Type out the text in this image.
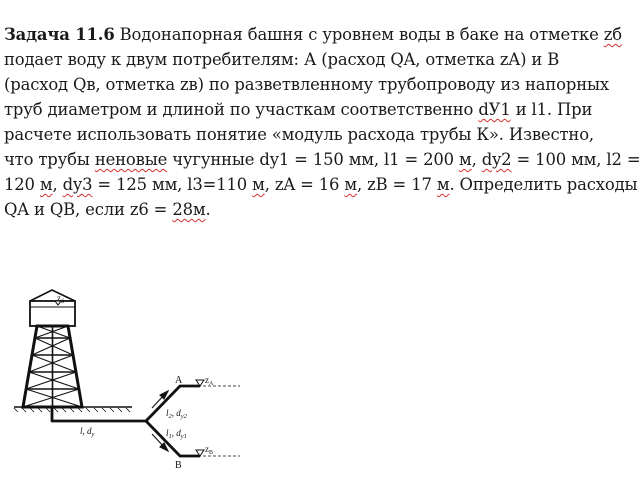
Задача 11.6 Водонапорная башня с уровнем воды в баке на отметке zб
подает воду к двум потребителям: А (расход QA, отметка zA) и В
(расход Qв, отметка zв) по разветвленному трубопроводу из напорных
труб диаметром и длиной по участкам соответственно dУ1 и l1. При
расчете использовать понятие «модуль расхода трубы К». Известно,
что трубы неновые чугунные dy1 = 150 мм, l1 = 200 м, dy2 = 100 мм, l2 =
120 м, dy3 = 125 мм, l3=110 м, zA = 16 м, zB = 17 м. Определить расходы
QA и QB, если z6 = 28м.
$z_б$
l, $d_y$
A	$z_A$
$l_2$, $d_{y2}$
B
$z_B$
$l_1$, $d_{y1}$
